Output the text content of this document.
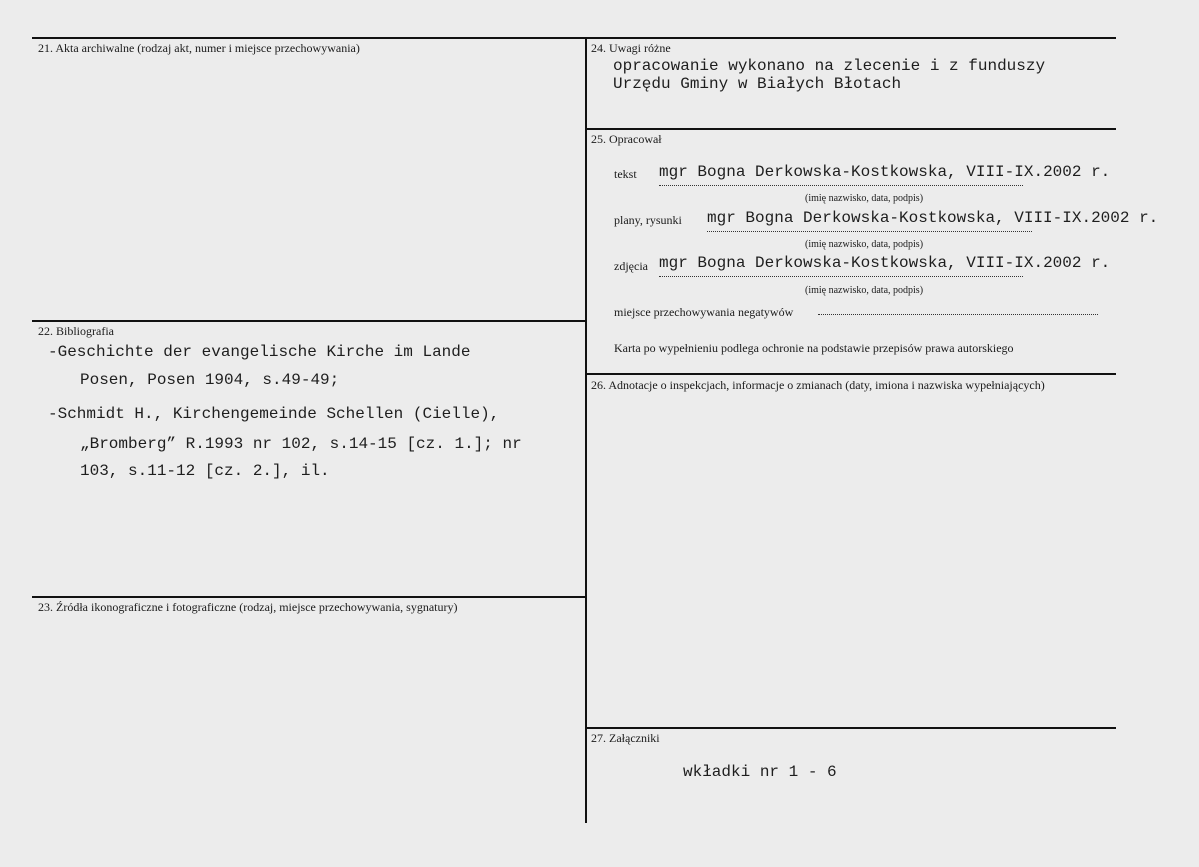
21. Akta archiwalne (rodzaj akt, numer i miejsce przechowywania)
22. Bibliografia
-Geschichte der evangelische Kirche im Lande
Posen, Posen 1904, s.49-49;
-Schmidt H., Kirchengemeinde Schellen (Cielle),
„Bromberg” R.1993 nr 102, s.14-15 [cz. 1.]; nr
103, s.11-12 [cz. 2.], il.
23. Źródła ikonograficzne i fotograficzne (rodzaj, miejsce przechowywania, sygnatury)
24. Uwagi różne
opracowanie wykonano na zlecenie i z funduszy
Urzędu Gminy w Białych Błotach
25. Opracował
tekst mgr Bogna Derkowska-Kostkowska, VIII-IX.2002 r.
(imię nazwisko, data, podpis)
plany, rysunki mgr Bogna Derkowska-Kostkowska, VIII-IX.2002 r.
(imię nazwisko, data, podpis)
zdjęcia mgr Bogna Derkowska-Kostkowska, VIII-IX.2002 r.
(imię nazwisko, data, podpis)
miejsce przechowywania negatywów
Karta po wypełnieniu podlega ochronie na podstawie przepisów prawa autorskiego
26. Adnotacje o inspekcjach, informacje o zmianach (daty, imiona i nazwiska wypełniających)
27. Załączniki
wkładki nr 1 - 6
